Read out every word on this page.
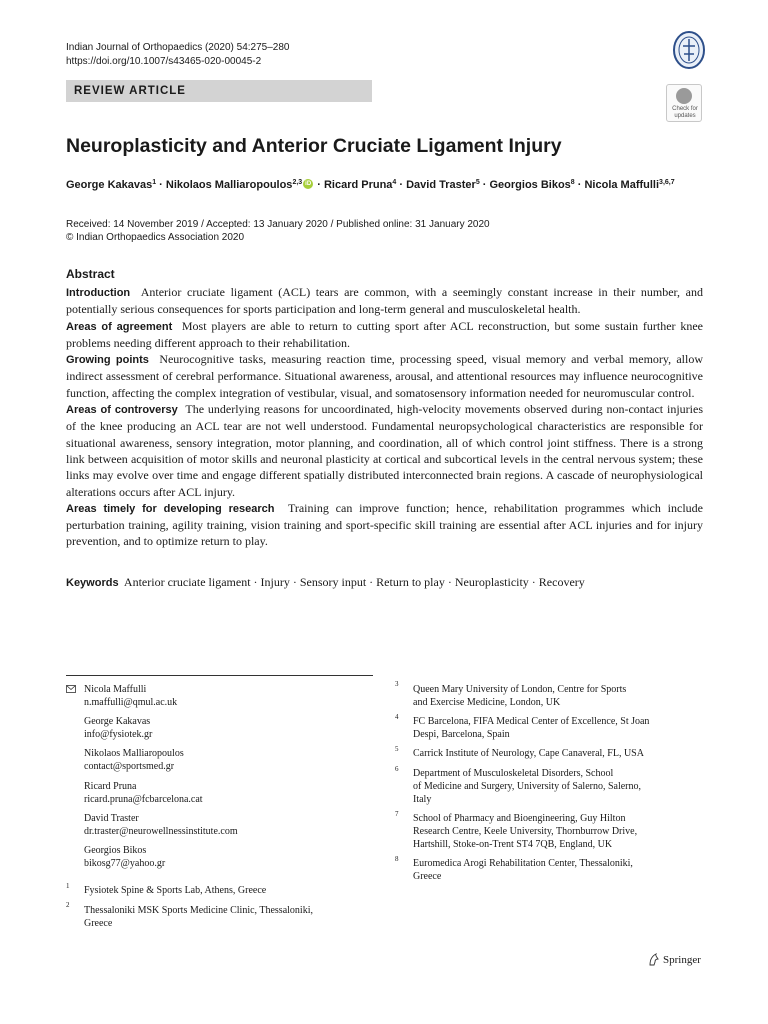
Indian Journal of Orthopaedics (2020) 54:275–280
https://doi.org/10.1007/s43465-020-00045-2
REVIEW ARTICLE
Check for updates
Neuroplasticity and Anterior Cruciate Ligament Injury
George Kakavas$^1$ · Nikolaos Malliaropoulos$^{2,3}$ iD · Ricard Pruna$^4$ · David Traster$^5$ · Georgios Bikos$^8$ · Nicola Maffulli$^{3,6,7}$
Received: 14 November 2019 / Accepted: 13 January 2020 / Published online: 31 January 2020
© Indian Orthopaedics Association 2020
Abstract

Introduction Anterior cruciate ligament (ACL) tears are common, with a seemingly constant increase in their number, and potentially serious consequences for sports participation and long-term general and musculoskeletal health.

Areas of agreement Most players are able to return to cutting sport after ACL reconstruction, but some sustain further knee problems needing different approach to their rehabilitation.

Growing points Neurocognitive tasks, measuring reaction time, processing speed, visual memory and verbal memory, allow indirect assessment of cerebral performance. Situational awareness, arousal, and attentional resources may influence neurocognitive function, affecting the complex integration of vestibular, visual, and somatosensory information needed for neuromuscular control.

Areas of controversy The underlying reasons for uncoordinated, high-velocity movements observed during non-contact injuries of the knee producing an ACL tear are not well understood. Fundamental neuropsychological characteristics are responsible for situational awareness, sensory integration, motor planning, and coordination, all of which control joint stiffness. There is a strong link between acquisition of motor skills and neuronal plasticity at cortical and subcortical levels in the central nervous system; these links may evolve over time and engage different spatially distributed interconnected brain regions. A cascade of neurophysiological alterations occurs after ACL injury.

Areas timely for developing research Training can improve function; hence, rehabilitation programmes which include perturbation training, agility training, vision training and sport-specific skill training are essential after ACL injuries and for injury prevention, and to optimize return to play.

Keywords Anterior cruciate ligament · Injury · Sensory input · Return to play · Neuroplasticity · Recovery
Nicola Maffulli
n.maffulli@qmul.ac.uk
George Kakavas
info@fysiotek.gr
Nikolaos Malliaropoulos
contact@sportsmed.gr
Ricard Pruna
ricard.pruna@fcbarcelona.cat
David Traster
dr.traster@neurowellnessinstitute.com
Georgios Bikos
bikosg77@yahoo.gr
1 Fysiotek Spine & Sports Lab, Athens, Greece
2 Thessaloniki MSK Sports Medicine Clinic, Thessaloniki,
Greece
3 Queen Mary University of London, Centre for Sports
and Exercise Medicine, London, UK
4 FC Barcelona, FIFA Medical Center of Excellence, St Joan
Despi, Barcelona, Spain
5 Carrick Institute of Neurology, Cape Canaveral, FL, USA
6 Department of Musculoskeletal Disorders, School
of Medicine and Surgery, University of Salerno, Salerno,
Italy
7 School of Pharmacy and Bioengineering, Guy Hilton
Research Centre, Keele University, Thornburrow Drive,
Hartshill, Stoke-on-Trent ST4 7QB, England, UK
8 Euromedica Arogi Rehabilitation Center, Thessaloniki,
Greece
Springer
